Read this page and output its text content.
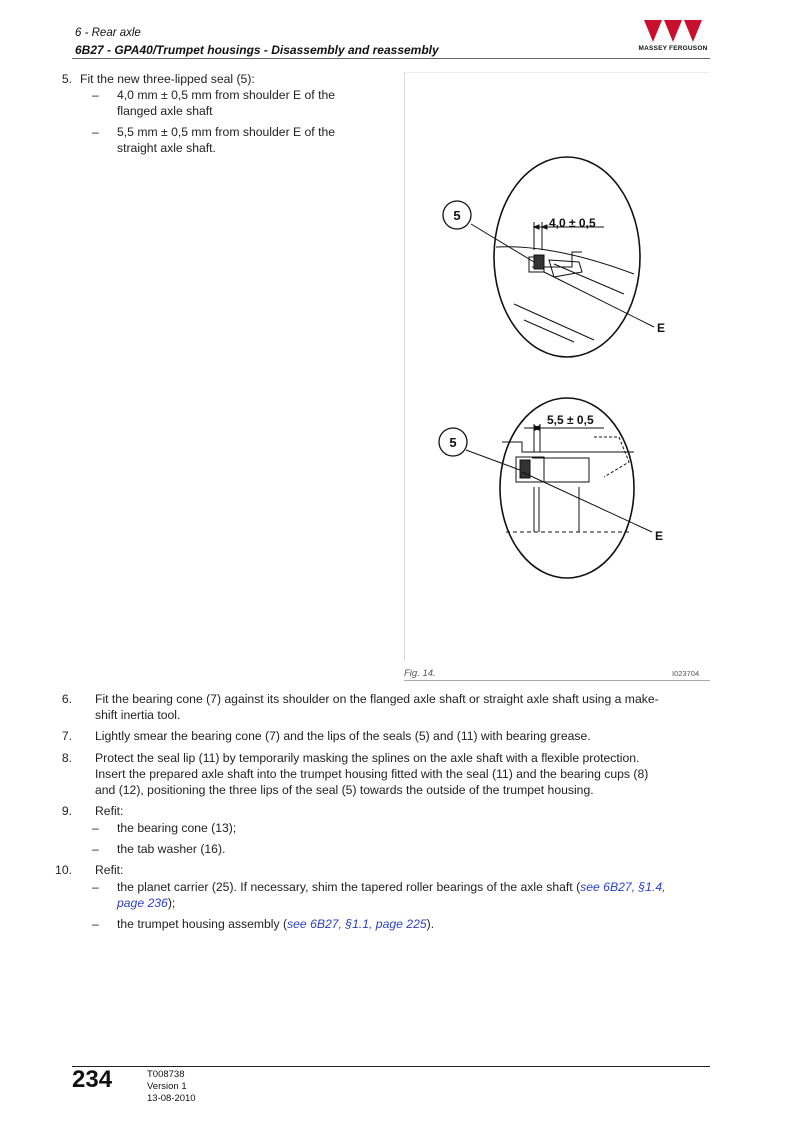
6 - Rear axle
6B27 - GPA40/Trumpet housings - Disassembly and reassembly	MASSEY FERGUSON
5. Fit the new three-lipped seal (5):
– 4,0 mm ± 0,5 mm from shoulder E of the
flanged axle shaft
– 5,5 mm ± 0,5 mm from shoulder E of the
straight axle shaft.
5	4,0 ± 0,5
E
5
5,5 ± 0,5
E
Fig. 14.	I023704
6. Fit the bearing cone (7) against its shoulder on the flanged axle shaft or straight axle shaft using a make-
shift inertia tool.
7. Lightly smear the bearing cone (7) and the lips of the seals (5) and (11) with bearing grease.
8. Protect the seal lip (11) by temporarily masking the splines on the axle shaft with a flexible protection.
Insert the prepared axle shaft into the trumpet housing fitted with the seal (11) and the bearing cups (8)
and (12), positioning the three lips of the seal (5) towards the outside of the trumpet housing.
9. Refit:
– the bearing cone (13);
– the tab washer (16).
10. Refit:
– the planet carrier (25). If necessary, shim the tapered roller bearings of the axle shaft (see 6B27, §1.4,
page 236);
– the trumpet housing assembly (see 6B27, §1.1, page 225).
234	T008738
Version 1
13-08-2010
